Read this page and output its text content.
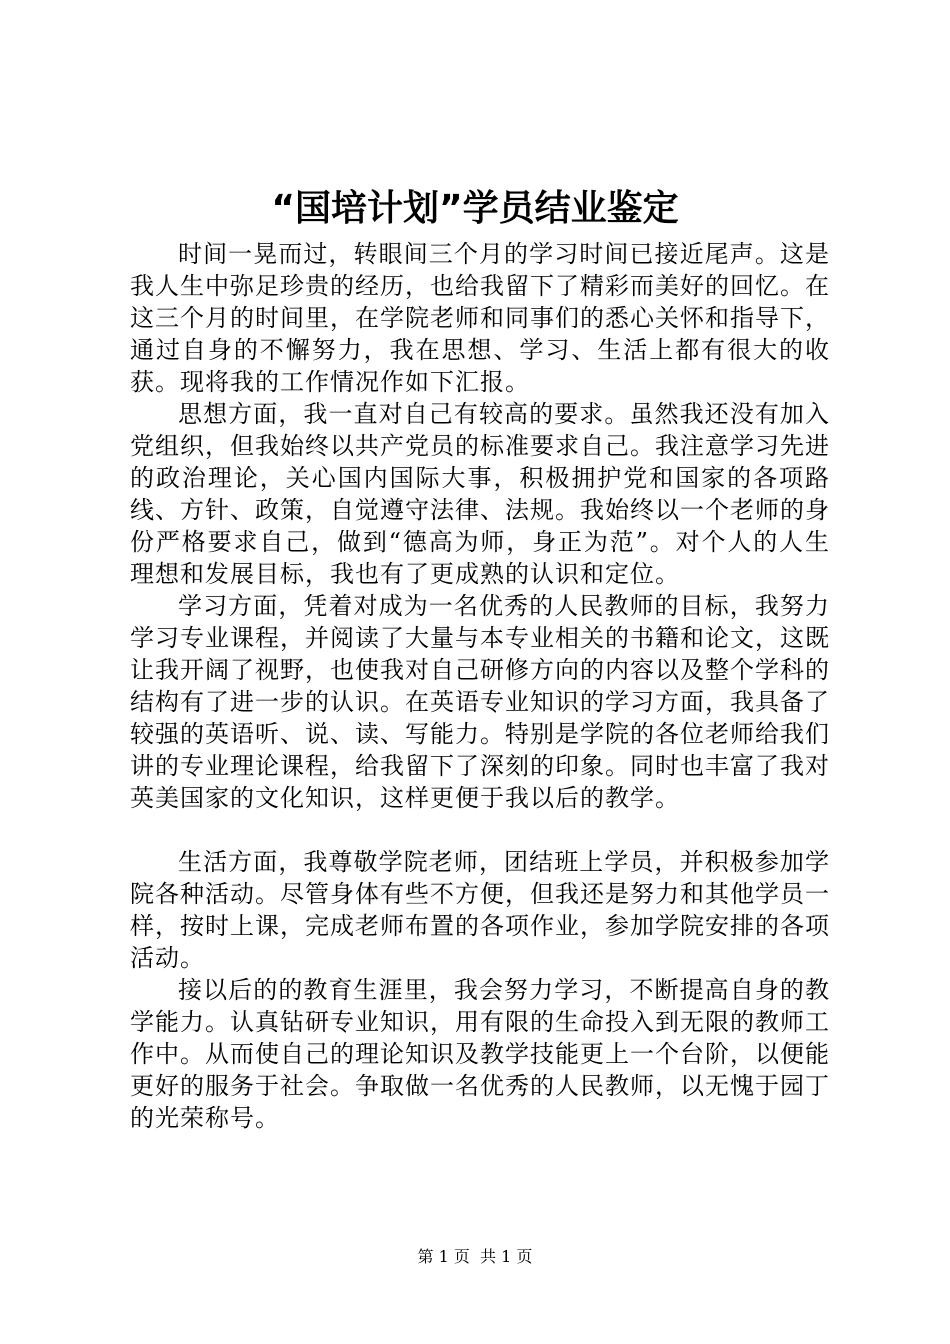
“国培计划”学员结业鉴定

时间一晃而过，转眼间三个月的学习时间已接近尾声。这是我人生中弥足珍贵的经历，也给我留下了精彩而美好的回忆。在这三个月的时间里，在学院老师和同事们的悉心关怀和指导下，通过自身的不懈努力，我在思想、学习、生活上都有很大的收获。现将我的工作情况作如下汇报。

思想方面，我一直对自己有较高的要求。虽然我还没有加入党组织，但我始终以共产党员的标准要求自己。我注意学习先进的政治理论，关心国内国际大事，积极拥护党和国家的各项路线、方针、政策，自觉遵守法律、法规。我始终以一个老师的身份严格要求自己，做到“德高为师，身正为范”。对个人的人生理想和发展目标，我也有了更成熟的认识和定位。

学习方面，凭着对成为一名优秀的人民教师的目标，我努力学习专业课程，并阅读了大量与本专业相关的书籍和论文，这既让我开阔了视野，也使我对自己研修方向的内容以及整个学科的结构有了进一步的认识。在英语专业知识的学习方面，我具备了较强的英语听、说、读、写能力。特别是学院的各位老师给我们讲的专业理论课程，给我留下了深刻的印象。同时也丰富了我对英美国家的文化知识，这样更便于我以后的教学。

生活方面，我尊敬学院老师，团结班上学员，并积极参加学院各种活动。尽管身体有些不方便，但我还是努力和其他学员一样，按时上课，完成老师布置的各项作业，参加学院安排的各项活动。

接以后的的教育生涯里，我会努力学习，不断提高自身的教学能力。认真钻研专业知识，用有限的生命投入到无限的教师工作中。从而使自己的理论知识及教学技能更上一个台阶，以便能更好的服务于社会。争取做一名优秀的人民教师，以无愧于园丁的光荣称号。

第 1 页  共 1 页
